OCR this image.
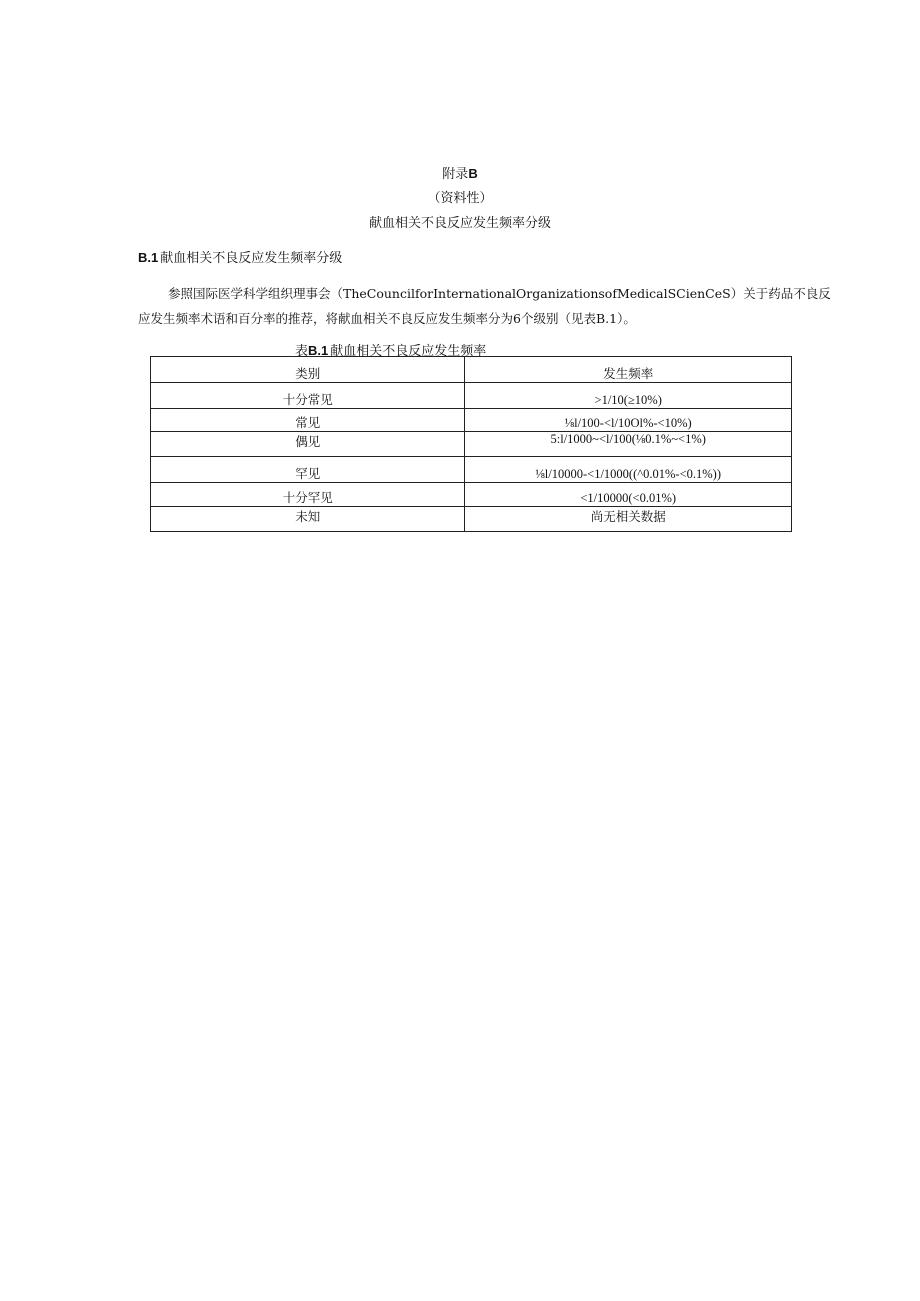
附录B
（资料性）
献血相关不良反应发生频率分级
B.1 献血相关不良反应发生频率分级
参照国际医学科学组织理事会（TheCouncilforInternationalOrganizationsofMedicalSCienCeS）关于药品不良反
应发生频率术语和百分率的推荐，将献血相关不良反应发生频率分为6个级别（见表B.1）。
表B.1 献血相关不良反应发生频率
类别	发生频率
十分常见	>1/10(≥10%)
常见	⅛l/100-<l/10Ol%-<10%)
偶见	5:l/1000~<l/100(⅛0.1%~<1%)
罕见	⅛l/10000-<1/1000((^0.01%-<0.1%))
十分罕见	<1/10000(<0.01%)
未知	尚无相关数据
